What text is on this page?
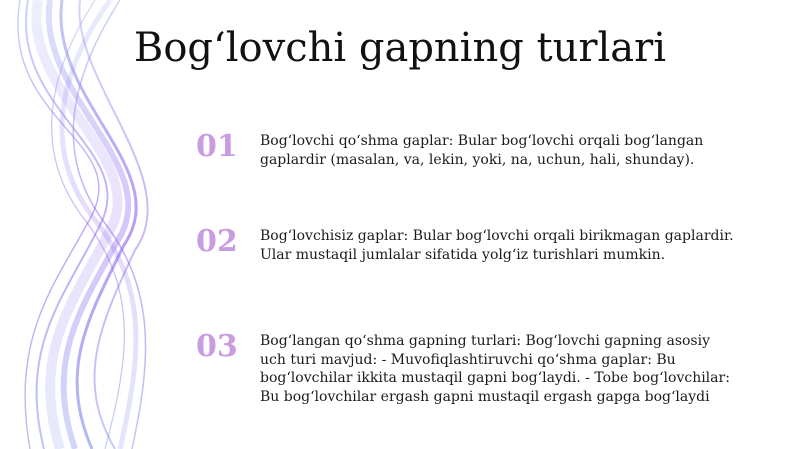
Bog‘lovchi gapning turlari
01	Bog‘lovchi qo‘shma gaplar: Bular bog‘lovchi orqali bog‘langan gaplardir (masalan, va, lekin, yoki, na, uchun, hali, shunday).
02	Bog‘lovchisiz gaplar: Bular bog‘lovchi orqali birikmagan gaplardir. Ular mustaqil jumlalar sifatida yolg‘iz turishlari mumkin.
03	Bog‘langan qo‘shma gapning turlari: Bog‘lovchi gapning asosiy uch turi mavjud: - Muvofiqlashtiruvchi qo‘shma gaplar: Bu bog‘lovchilar ikkita mustaqil gapni bog‘laydi. - Tobe bog‘lovchilar: Bu bog‘lovchilar ergash gapni mustaqil ergash gapga bog‘laydi
